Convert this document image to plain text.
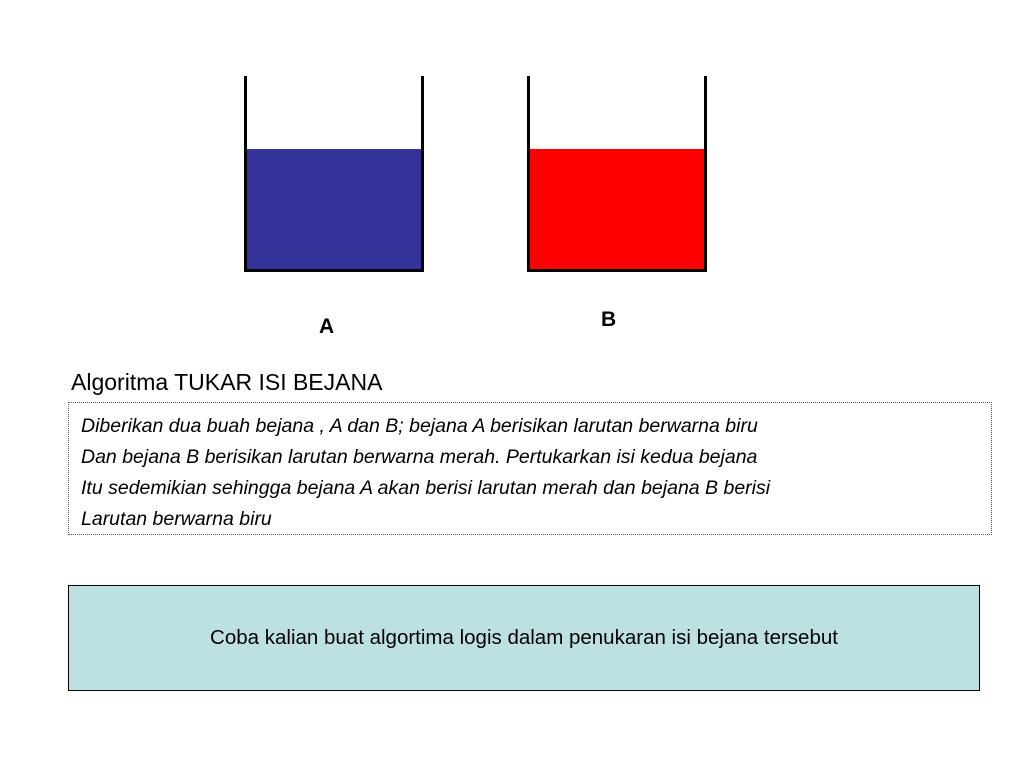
A	B
Algoritma TUKAR ISI BEJANA
Diberikan dua buah bejana , A dan B; bejana A berisikan larutan berwarna biru
Dan bejana B berisikan larutan berwarna merah. Pertukarkan isi kedua bejana
Itu sedemikian sehingga bejana A akan berisi larutan merah dan bejana B berisi
Larutan berwarna biru
Coba kalian buat algortima logis dalam penukaran isi bejana tersebut
